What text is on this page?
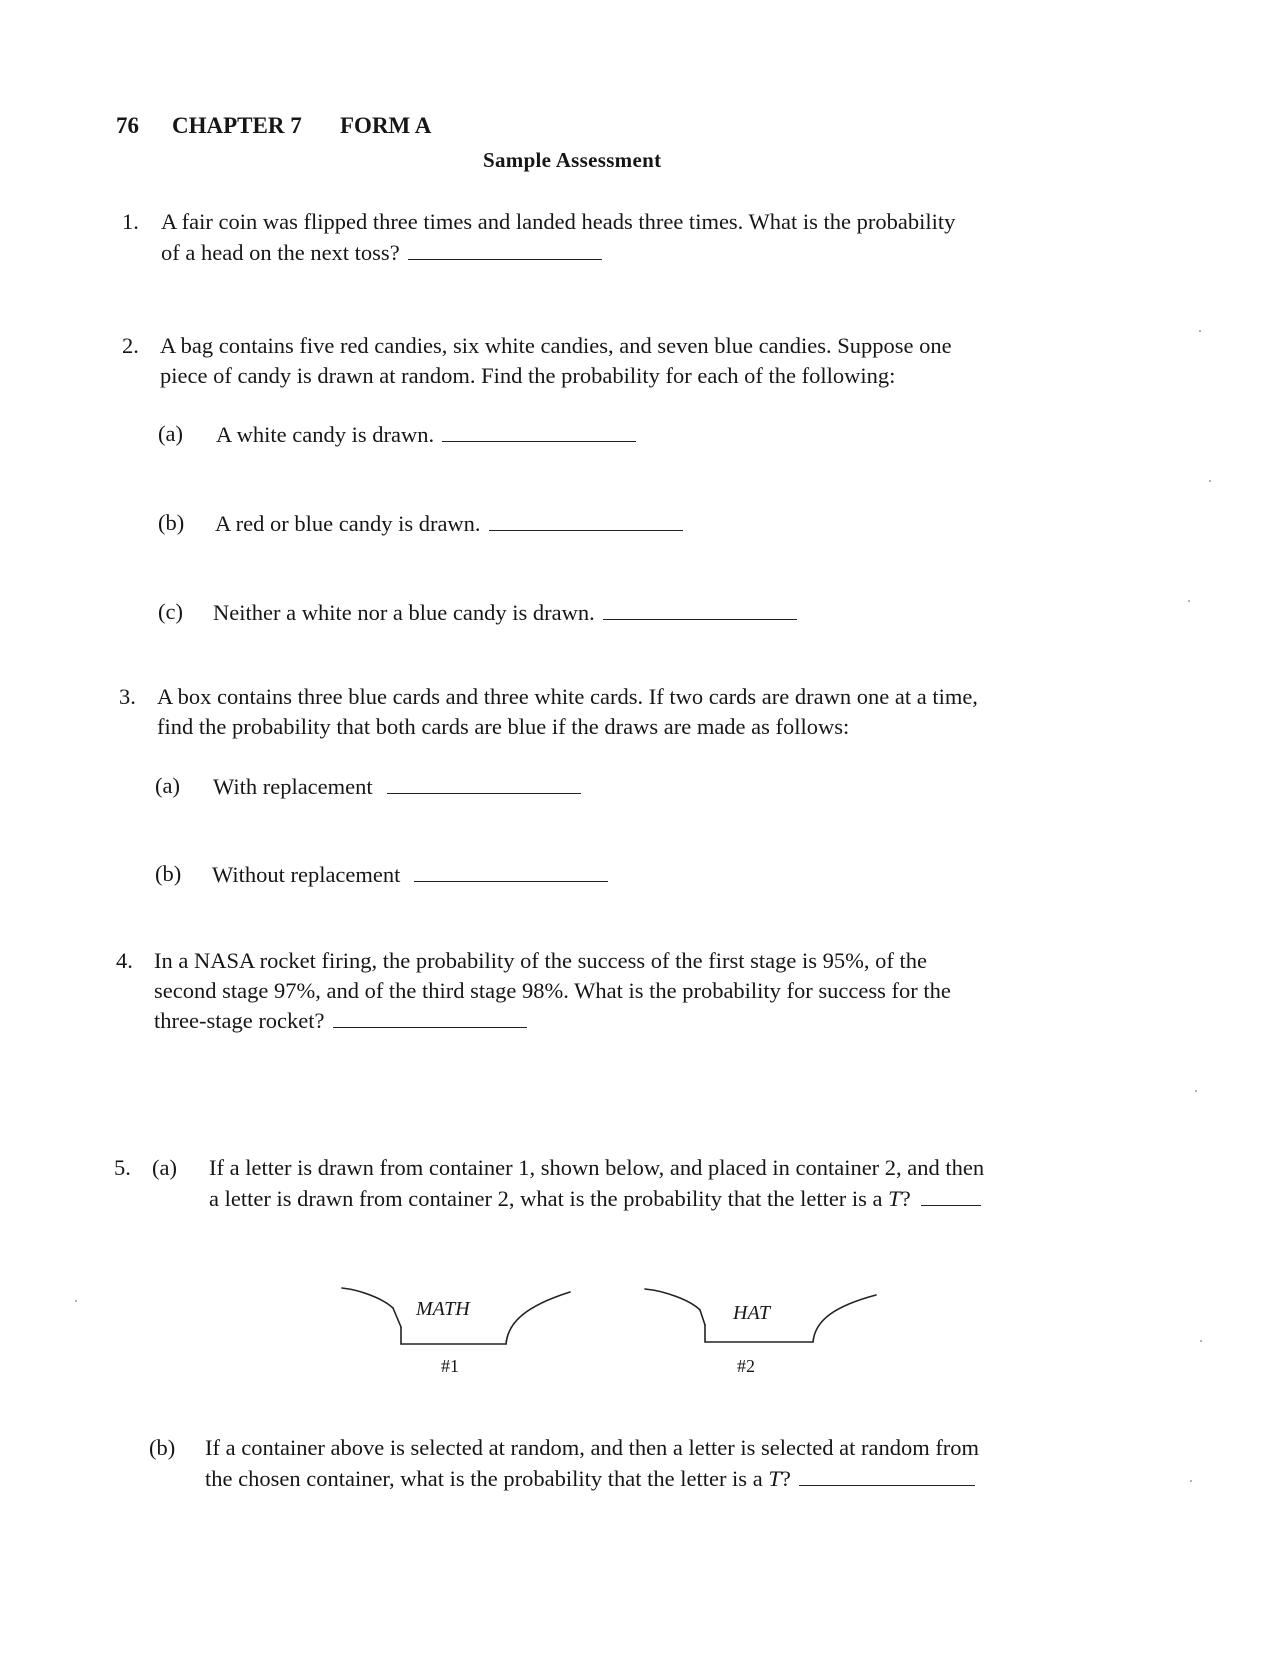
76 CHAPTER 7 FORM A
Sample Assessment
1. A fair coin was flipped three times and landed heads three times. What is the probability
of a head on the next toss?
2. A bag contains five red candies, six white candies, and seven blue candies. Suppose one
piece of candy is drawn at random. Find the probability for each of the following:
(a) A white candy is drawn.
(b) A red or blue candy is drawn.
(c) Neither a white nor a blue candy is drawn.
3. A box contains three blue cards and three white cards. If two cards are drawn one at a time,
find the probability that both cards are blue if the draws are made as follows:
(a) With replacement
(b) Without replacement
4. In a NASA rocket firing, the probability of the success of the first stage is 95%, of the
second stage 97%, and of the third stage 98%. What is the probability for success for the
three-stage rocket?
5. (a) If a letter is drawn from container 1, shown below, and placed in container 2, and then
a letter is drawn from container 2, what is the probability that the letter is a T?
MATH	HAT
#1	#2
(b) If a container above is selected at random, and then a letter is selected at random from
the chosen container, what is the probability that the letter is a T?
